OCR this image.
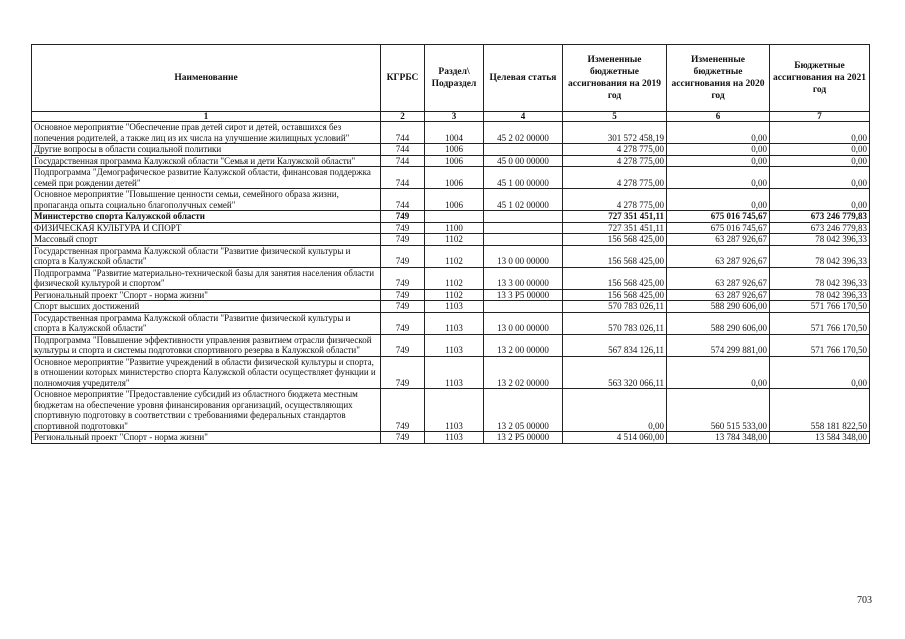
Наименование	КГРБС	Раздел\ Подраздел	Целевая статья	Измененные бюджетные ассигнования на 2019 год	Измененные бюджетные ассигнования на 2020 год	Бюджетные ассигнования на 2021 год
1	2	3	4	5	6	7
Основное мероприятие "Обеспечение прав детей сирот и детей, оставшихся без попечения родителей, а также лиц из их числа на улучшение жилищных условий"	744	1004	45 2 02 00000	301 572 458,19	0,00	0,00
Другие вопросы в области социальной политики	744	1006		4 278 775,00	0,00	0,00
Государственная программа Калужской области "Семья и дети Калужской области"	744	1006	45 0 00 00000	4 278 775,00	0,00	0,00
Подпрограмма "Демографическое развитие Калужской области, финансовая поддержка семей при рождении детей"	744	1006	45 1 00 00000	4 278 775,00	0,00	0,00
Основное мероприятие "Повышение ценности семьи, семейного образа жизни, пропаганда опыта социально благополучных семей"	744	1006	45 1 02 00000	4 278 775,00	0,00	0,00
Министерство спорта Калужской области	749			727 351 451,11	675 016 745,67	673 246 779,83
ФИЗИЧЕСКАЯ КУЛЬТУРА И СПОРТ	749	1100		727 351 451,11	675 016 745,67	673 246 779,83
Массовый спорт	749	1102		156 568 425,00	63 287 926,67	78 042 396,33
Государственная программа Калужской области "Развитие физической культуры и спорта в Калужской области"	749	1102	13 0 00 00000	156 568 425,00	63 287 926,67	78 042 396,33
Подпрограмма "Развитие материально-технической базы для занятия населения области физической культурой и спортом"	749	1102	13 3 00 00000	156 568 425,00	63 287 926,67	78 042 396,33
Региональный проект "Спорт - норма жизни"	749	1102	13 3 P5 00000	156 568 425,00	63 287 926,67	78 042 396,33
Спорт высших достижений	749	1103		570 783 026,11	588 290 606,00	571 766 170,50
Государственная программа Калужской области "Развитие физической культуры и спорта в Калужской области"	749	1103	13 0 00 00000	570 783 026,11	588 290 606,00	571 766 170,50
Подпрограмма "Повышение эффективности управления развитием отрасли физической культуры и спорта и системы подготовки спортивного резерва в Калужской области"	749	1103	13 2 00 00000	567 834 126,11	574 299 881,00	571 766 170,50
Основное мероприятие "Развитие учреждений в области физической культуры и спорта, в отношении которых министерство спорта Калужской области осуществляет функции и полномочия учредителя"	749	1103	13 2 02 00000	563 320 066,11	0,00	0,00
Основное мероприятие "Предоставление субсидий из областного бюджета местным бюджетам на обеспечение уровня финансирования организаций, осуществляющих спортивную подготовку в соответствии с требованиями федеральных стандартов спортивной подготовки"	749	1103	13 2 05 00000	0,00	560 515 533,00	558 181 822,50
Региональный проект "Спорт - норма жизни"	749	1103	13 2 P5 00000	4 514 060,00	13 784 348,00	13 584 348,00
703
